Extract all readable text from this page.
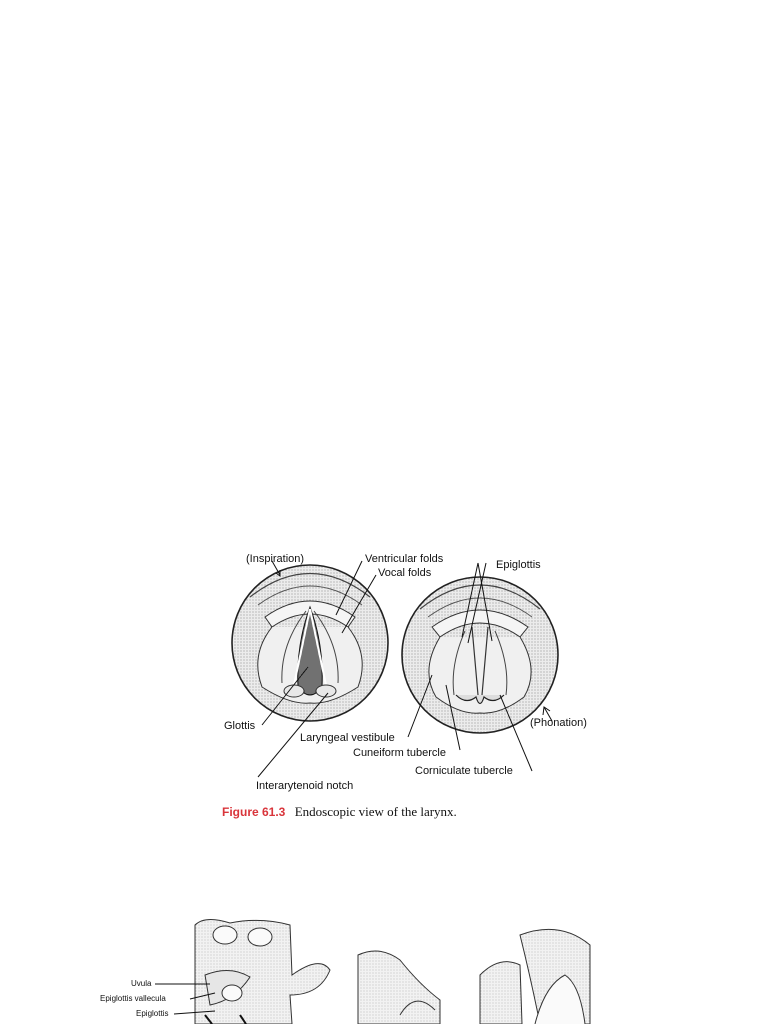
(Inspiration)	Ventricular folds
Vocal folds
Epiglottis
Glottis
Laryngeal vestibule
(Phonation)
Cuneiform tubercle
Corniculate tubercle
Interarytenoid notch
Figure 61.3 Endoscopic view of the larynx.
Uvula
Epiglottis vallecula
Epiglottis
